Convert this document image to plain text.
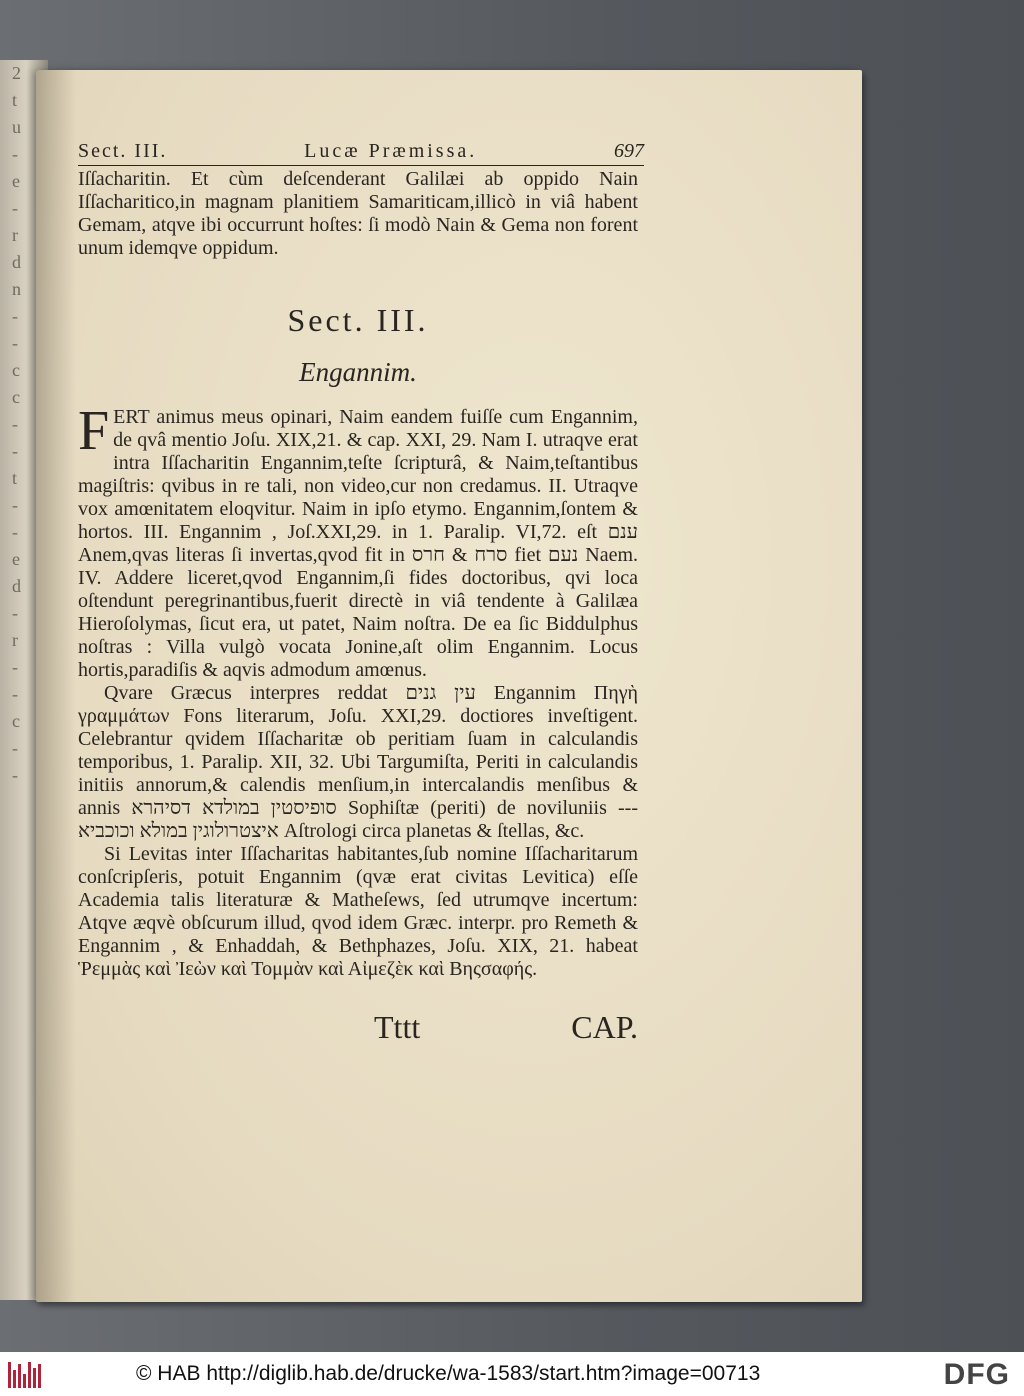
2
t
u
-
e
-
r
d
n
-
-
c
c
-
-
t
-
-
e
d
-
r
-
-
c
-
-
Sect. III.	Lucæ Præmissa.	697

Iſſacharitin. Et cùm deſcenderant Galilæi ab oppido Nain Iſſacharitico,in magnam planitiem Samariticam,illicò in viâ habent Gemam, atqve ibi occurrunt hoſtes: ſi modò Nain & Gema non forent unum idemqve oppidum.

Sect. III.
Engannim.

FERT animus meus opinari, Naim eandem fuiſſe cum Engannim, de qvâ mentio Joſu. XIX,21. & cap. XXI, 29. Nam I. utraqve erat intra Iſſacharitin Engannim,teſte ſcripturâ, & Naim,teſtantibus magiſtris: qvibus in re tali, non video,cur non credamus. II. Utraqve vox amœnitatem eloqvitur. Naim in ipſo etymo. Engannim,ſontem & hortos. III. Engannim , Joſ.XXI,29. in 1. Paralip. VI,72. eſt ענם Anem,qvas literas ſi invertas,qvod fit in סרח & חרס fiet נעם Naem. IV. Addere liceret,qvod Engannim,ſi fides doctoribus, qvi loca oſtendunt peregrinantibus,fuerit directè in viâ tendente à Galilæa Hieroſolymas, ſicut era, ut patet, Naim noſtra. De ea ſic Biddulphus noſtras : Villa vulgò vocata Jonine,aſt olim Engannim. Locus hortis,paradiſis & aqvis admodum amœnus.

Qvare Græcus interpres reddat עין גנים Engannim Πηγὴ γραμμάτων Fons literarum, Joſu. XXI,29. doctiores inveſtigent. Celebrantur qvidem Iſſacharitæ ob peritiam ſuam in calculandis temporibus, 1. Paralip. XII, 32. Ubi Targumiſta, Periti in calculandis initiis annorum,& calendis menſium,in intercalandis menſibus & annis סופיסטין במולדא דסיהרא Sophiſtæ (periti) de noviluniis --- איצטרולוגין במולא וכוכביא Aſtrologi circa planetas & ſtellas, &c.

Si Levitas inter Iſſacharitas habitantes,ſub nomine Iſſacharitarum conſcripſeris, potuit Engannim (qvæ erat civitas Levitica) eſſe Academia talis literaturæ & Matheſews, ſed utrumqve incertum: Atqve æqvè obſcurum illud, qvod idem Græc. interpr. pro Remeth & Engannim , & Enhaddah, & Bethphazes, Joſu. XIX, 21. habeat Ῥεμμὰς καὶ Ἰεὼν καὶ Τομμὰν καὶ Αἰμεζὲκ καὶ Βηςσαφής.

Tttt	CAP.
© HAB http://diglib.hab.de/drucke/wa-1583/start.htm?image=00713	DFG
